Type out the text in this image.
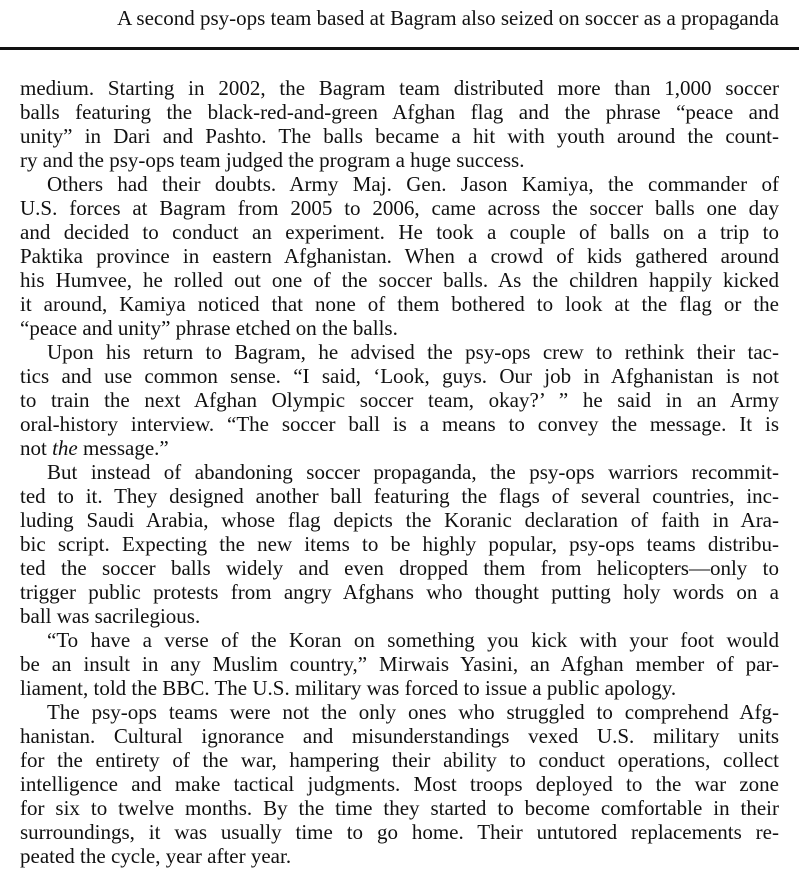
A second psy-ops team based at Bagram also seized on soccer as a propaganda
medium. Starting in 2002, the Bagram team distributed more than 1,000 soccer
balls featuring the black-red-and-green Afghan flag and the phrase “peace and
unity” in Dari and Pashto. The balls became a hit with youth around the count-
ry and the psy-ops team judged the program a huge success.
Others had their doubts. Army Maj. Gen. Jason Kamiya, the commander of
U.S. forces at Bagram from 2005 to 2006, came across the soccer balls one day
and decided to conduct an experiment. He took a couple of balls on a trip to
Paktika province in eastern Afghanistan. When a crowd of kids gathered around
his Humvee, he rolled out one of the soccer balls. As the children happily kicked
it around, Kamiya noticed that none of them bothered to look at the flag or the
“peace and unity” phrase etched on the balls.
Upon his return to Bagram, he advised the psy-ops crew to rethink their tac-
tics and use common sense. “I said, ‘Look, guys. Our job in Afghanistan is not
to train the next Afghan Olympic soccer team, okay?’ ” he said in an Army
oral-history interview. “The soccer ball is a means to convey the message. It is
not the message.”
But instead of abandoning soccer propaganda, the psy-ops warriors recommit-
ted to it. They designed another ball featuring the flags of several countries, inc-
luding Saudi Arabia, whose flag depicts the Koranic declaration of faith in Ara-
bic script. Expecting the new items to be highly popular, psy-ops teams distribu-
ted the soccer balls widely and even dropped them from helicopters—only to
trigger public protests from angry Afghans who thought putting holy words on a
ball was sacrilegious.
“To have a verse of the Koran on something you kick with your foot would
be an insult in any Muslim country,” Mirwais Yasini, an Afghan member of par-
liament, told the BBC. The U.S. military was forced to issue a public apology.
The psy-ops teams were not the only ones who struggled to comprehend Afg-
hanistan. Cultural ignorance and misunderstandings vexed U.S. military units
for the entirety of the war, hampering their ability to conduct operations, collect
intelligence and make tactical judgments. Most troops deployed to the war zone
for six to twelve months. By the time they started to become comfortable in their
surroundings, it was usually time to go home. Their untutored replacements re-
peated the cycle, year after year.
